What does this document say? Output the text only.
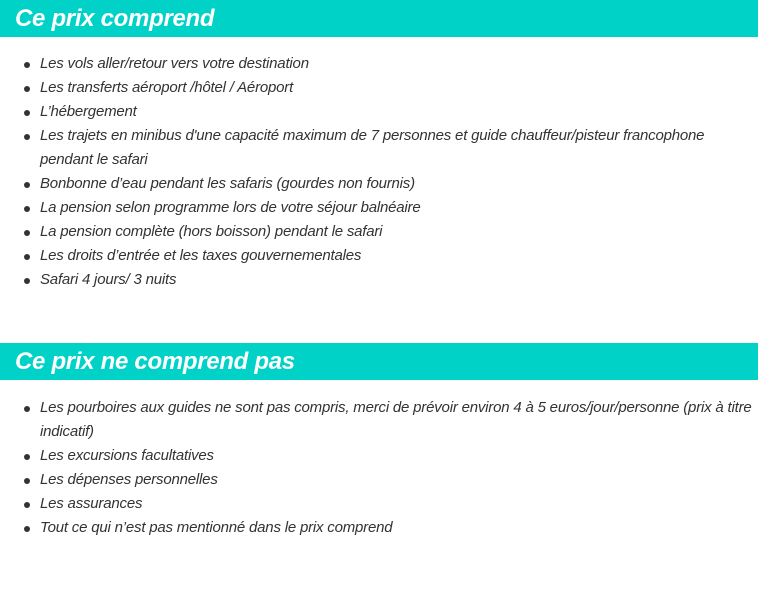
Ce prix comprend
Les vols aller/retour vers votre destination
Les transferts aéroport /hôtel / Aéroport
L’hébergement
Les trajets en minibus d'une capacité maximum de 7 personnes et guide chauffeur/pisteur francophone pendant le safari
Bonbonne d’eau pendant les safaris (gourdes non fournis)
La pension selon programme lors de votre séjour balnéaire
La pension complète (hors boisson) pendant le safari
Les droits d’entrée et les taxes gouvernementales
Safari 4 jours/ 3 nuits
Ce prix ne comprend pas
Les pourboires aux guides ne sont pas compris, merci de prévoir environ 4 à 5 euros/jour/personne (prix à titre indicatif)
Les excursions facultatives
Les dépenses personnelles
Les assurances
Tout ce qui n’est pas mentionné dans le prix comprend
